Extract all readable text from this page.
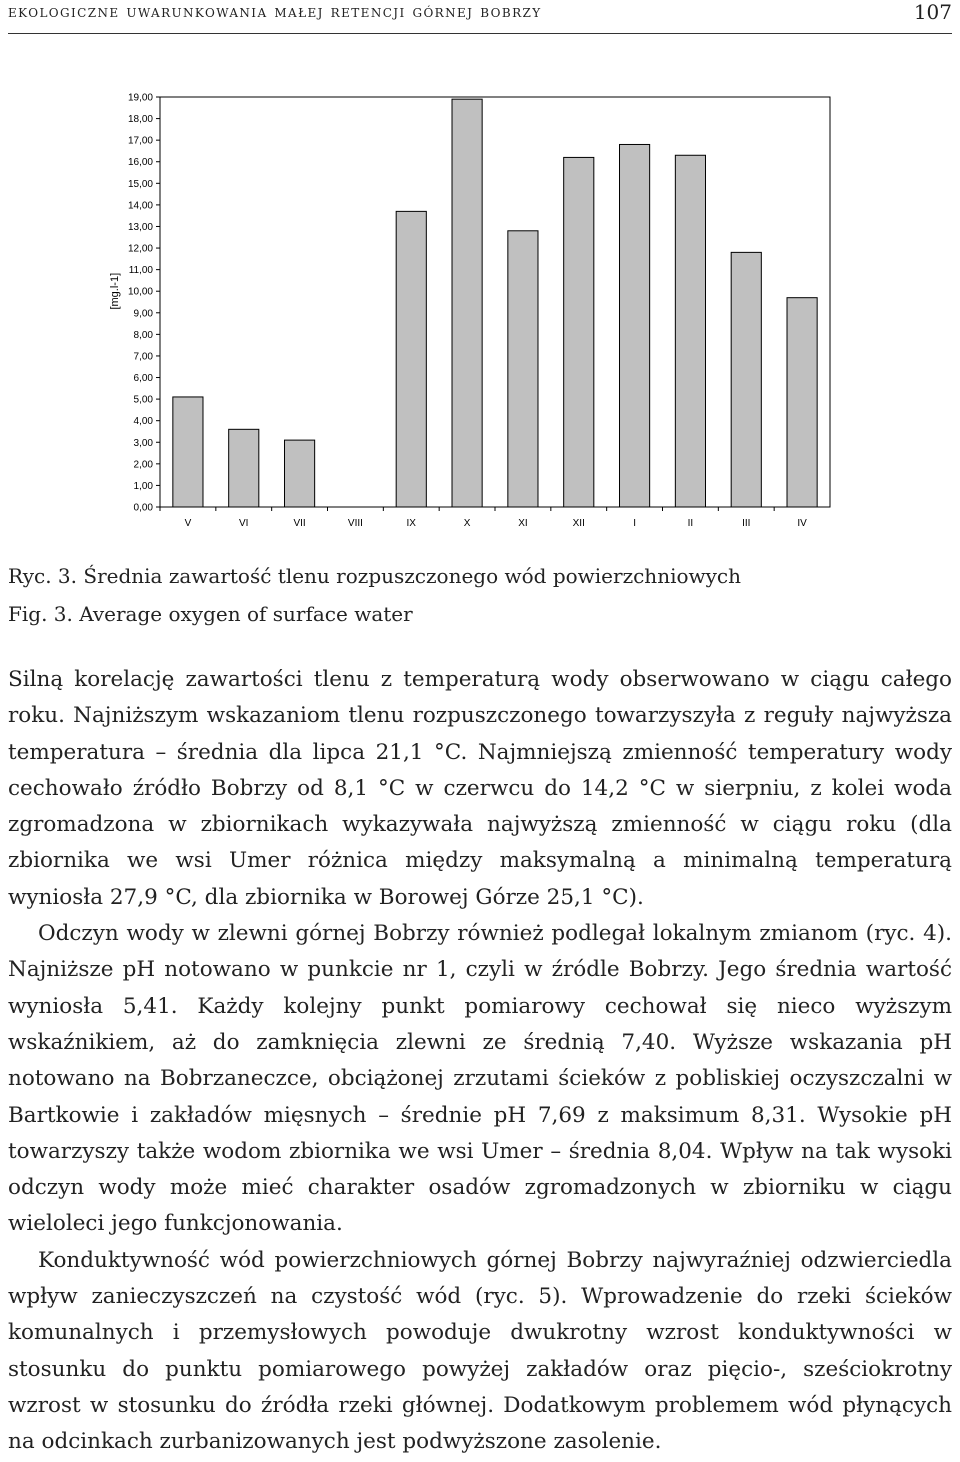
ekologiczne uwarunkowania małej retencji górnej bobrzy	107
0,00
1,00
2,00
3,00
4,00
5,00
6,00
7,00
8,00
9,00
10,00
11,00
12,00
13,00
14,00
15,00
16,00
17,00
18,00
19,00
V	VI	VII	VIII	IX	X	XI	XII	I	II	III	IV
[mg.l-1]
Ryc. 3. Średnia zawartość tlenu rozpuszczonego wód powierzchniowych
Fig. 3. Average oxygen of surface water

Silną korelację zawartości tlenu z temperaturą wody obserwowano w ciągu całego roku. Najniższym wskazaniom tlenu rozpuszczonego towarzyszyła z reguły najwyższa temperatura – średnia dla lipca 21,1 °C. Najmniejszą zmienność temperatury wody cechowało źródło Bobrzy od 8,1 °C w czerwcu do 14,2 °C w sierpniu, z kolei woda zgromadzona w zbiornikach wykazywała najwyższą zmienność w ciągu roku (dla zbiornika we wsi Umer różnica między maksymalną a minimalną temperaturą wyniosła 27,9 °C, dla zbiornika w Borowej Górze 25,1 °C).

Odczyn wody w zlewni górnej Bobrzy również podlegał lokalnym zmianom (ryc. 4). Najniższe pH notowano w punkcie nr 1, czyli w źródle Bobrzy. Jego średnia wartość wyniosła 5,41. Każdy kolejny punkt pomiarowy cechował się nieco wyższym wskaźnikiem, aż do zamknięcia zlewni ze średnią 7,40. Wyższe wskazania pH notowano na Bobrzaneczce, obciążonej zrzutami ścieków z pobliskiej oczyszczalni w Bartkowie i zakładów mięsnych – średnie pH 7,69 z maksimum 8,31. Wysokie pH towarzyszy także wodom zbiornika we wsi Umer – średnia 8,04. Wpływ na tak wysoki odczyn wody może mieć charakter osadów zgromadzonych w zbiorniku w ciągu wieloleci jego funkcjonowania.

Konduktywność wód powierzchniowych górnej Bobrzy najwyraźniej odzwierciedla wpływ zanieczyszczeń na czystość wód (ryc. 5). Wprowadzenie do rzeki ścieków komunalnych i przemysłowych powoduje dwukrotny wzrost konduktywności w stosunku do punktu pomiarowego powyżej zakładów oraz pięcio-, sześciokrotny wzrost w stosunku do źródła rzeki głównej. Dodatkowym problemem wód płynących na odcinkach zurbanizowanych jest podwyższone zasolenie.
